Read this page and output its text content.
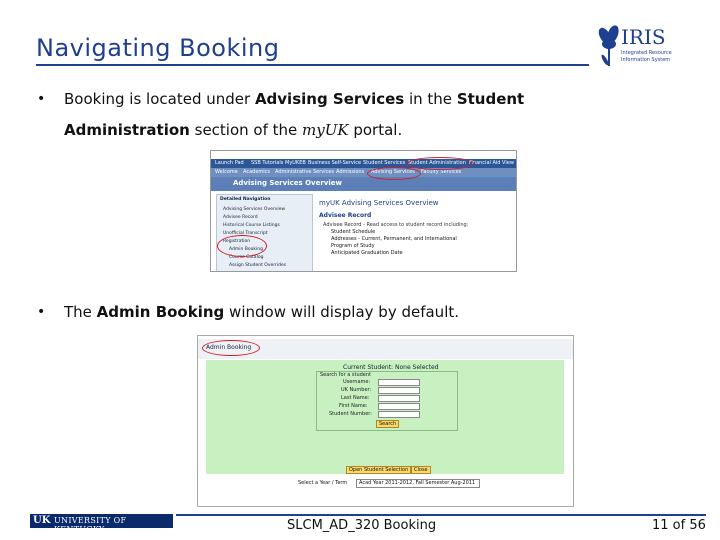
Navigating Booking	IRIS
Integrated Resource
Information System
• Booking is located under Advising Services in the Student
Administration section of the myUK portal.
Launch Pad SSB Tutorials MyUKEB Business Self-Service Student Services Student Administration Financial Aid View
Welcome Academics Administrative Services Admissions Advising Services Faculty Services
Advising Services Overview
Detailed Navigation
Advising Services Overview
Advisee Record
Historical Course Listings
Unofficial Transcript
Registration
Admin Booking
Course Catalog
Assign Student Overrides
myUK Advising Services Overview
Advisee Record
Advisee Record - Read access to student record including:
Student Schedule
Addresses - Current, Permanent, and International
Program of Study
Anticipated Graduation Date
• The Admin Booking window will display by default.
Admin Booking
Current Student: None Selected
Search for a student
Username:
UK Number:
Last Name:
First Name:
Student Number:
Search
Open Student Selection	Close
Select a Year / Term	Acad Year 2011-2012, Fall Semester Aug-2011
UK UNIVERSITY OF KENTUCKY	SLCM_AD_320 Booking	11 of 56
